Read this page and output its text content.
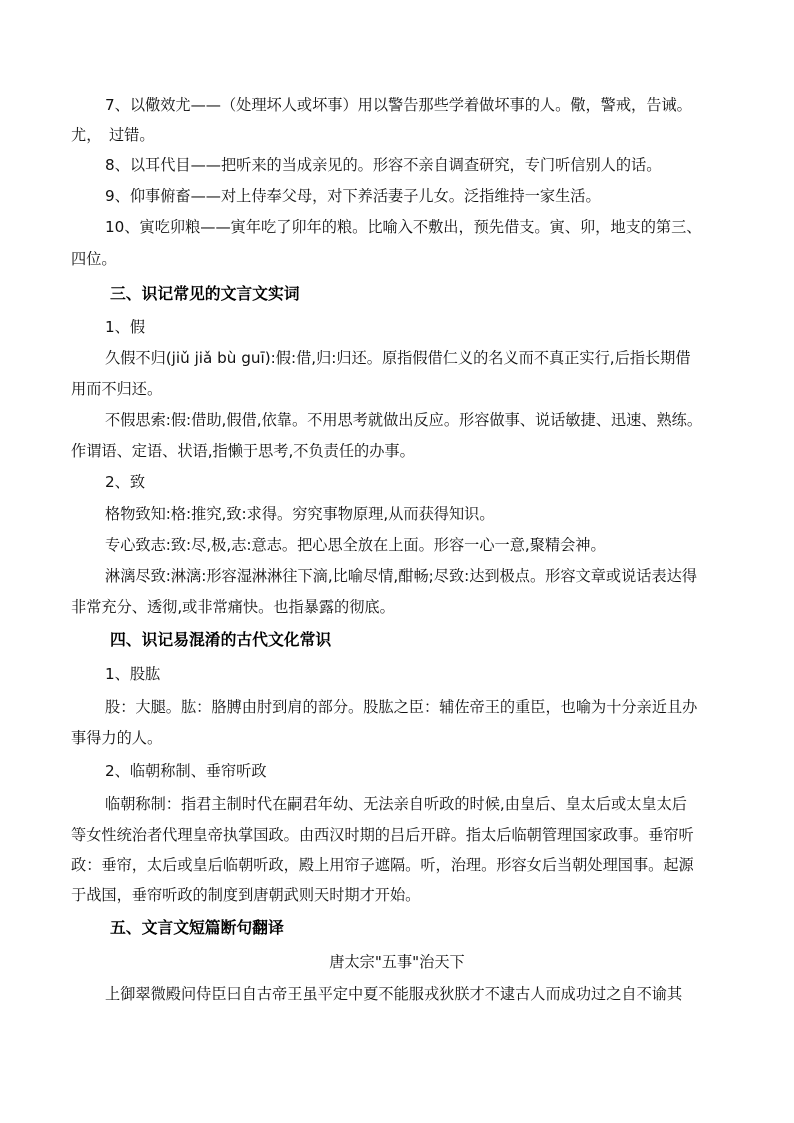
7、以儆效尤——（处理坏人或坏事）用以警告那些学着做坏事的人。儆，警戒，告诫。
尤，　过错。
8、以耳代目——把听来的当成亲见的。形容不亲自调查研究，专门听信别人的话。
9、仰事俯畜——对上侍奉父母，对下养活妻子儿女。泛指维持一家生活。
10、寅吃卯粮——寅年吃了卯年的粮。比喻入不敷出，预先借支。寅、卯，地支的第三、
四位。
三、识记常见的文言文实词
1、假
久假不归(jiǔ jiǎ bù guī):假:借,归:归还。原指假借仁义的名义而不真正实行,后指长期借
用而不归还。
不假思索:假:借助,假借,依靠。不用思考就做出反应。形容做事、说话敏捷、迅速、熟练。
作谓语、定语、状语,指懒于思考,不负责任的办事。
2、致
格物致知:格:推究,致:求得。穷究事物原理,从而获得知识。
专心致志:致:尽,极,志:意志。把心思全放在上面。形容一心一意,聚精会神。
淋漓尽致:淋漓:形容湿淋淋往下滴,比喻尽情,酣畅;尽致:达到极点。形容文章或说话表达得
非常充分、透彻,或非常痛快。也指暴露的彻底。
四、识记易混淆的古代文化常识
1、股肱
股：大腿。肱：胳膊由肘到肩的部分。股肱之臣：辅佐帝王的重臣，也喻为十分亲近且办
事得力的人。
2、临朝称制、垂帘听政
临朝称制：指君主制时代在嗣君年幼、无法亲自听政的时候,由皇后、皇太后或太皇太后
等女性统治者代理皇帝执掌国政。由西汉时期的吕后开辟。指太后临朝管理国家政事。垂帘听
政：垂帘，太后或皇后临朝听政，殿上用帘子遮隔。听，治理。形容女后当朝处理国事。起源
于战国，垂帘听政的制度到唐朝武则天时期才开始。
五、文言文短篇断句翻译
唐太宗"五事"治天下
上御翠微殿问侍臣曰自古帝王虽平定中夏不能服戎狄朕才不逮古人而成功过之自不谕其
